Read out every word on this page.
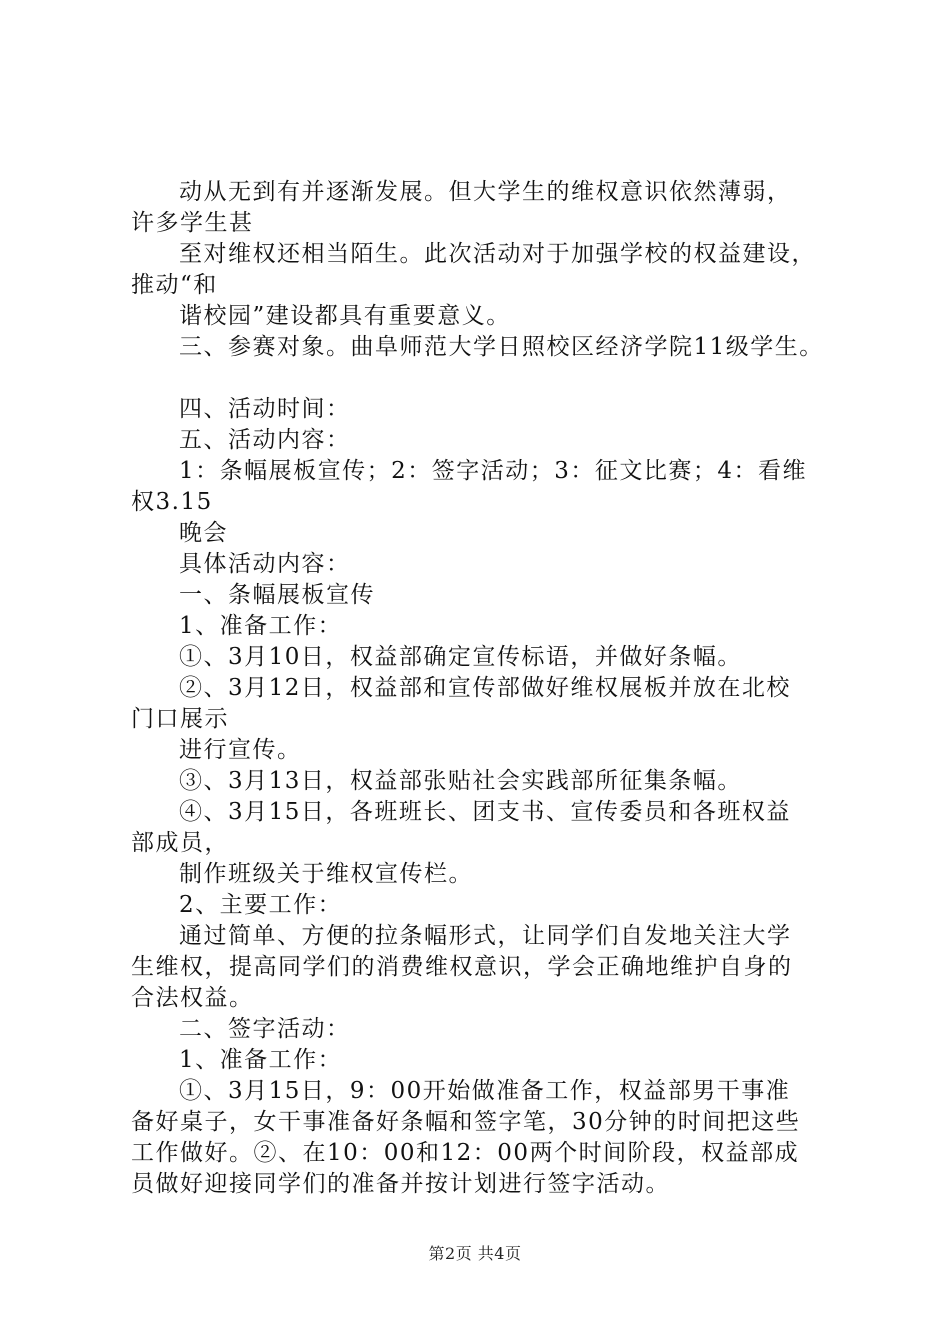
动从无到有并逐渐发展。但大学生的维权意识依然薄弱，
许多学生甚
至对维权还相当陌生。此次活动对于加强学校的权益建设，
推动“和
谐校园”建设都具有重要意义。
三、参赛对象。曲阜师范大学日照校区经济学院11级学生。
四、活动时间：
五、活动内容：
1：条幅展板宣传；2：签字活动；3：征文比赛；4：看维
权3.15
晚会
具体活动内容：
一、条幅展板宣传
1、准备工作：
①、3月10日，权益部确定宣传标语，并做好条幅。
②、3月12日，权益部和宣传部做好维权展板并放在北校
门口展示
进行宣传。
③、3月13日，权益部张贴社会实践部所征集条幅。
④、3月15日，各班班长、团支书、宣传委员和各班权益
部成员，
制作班级关于维权宣传栏。
2、主要工作：
通过简单、方便的拉条幅形式，让同学们自发地关注大学
生维权，提高同学们的消费维权意识，学会正确地维护自身的
合法权益。
二、签字活动：
1、准备工作：
①、3月15日，9：00开始做准备工作，权益部男干事准
备好桌子，女干事准备好条幅和签字笔，30分钟的时间把这些
工作做好。②、在10：00和12：00两个时间阶段，权益部成
员做好迎接同学们的准备并按计划进行签字活动。
第2页 共4页
